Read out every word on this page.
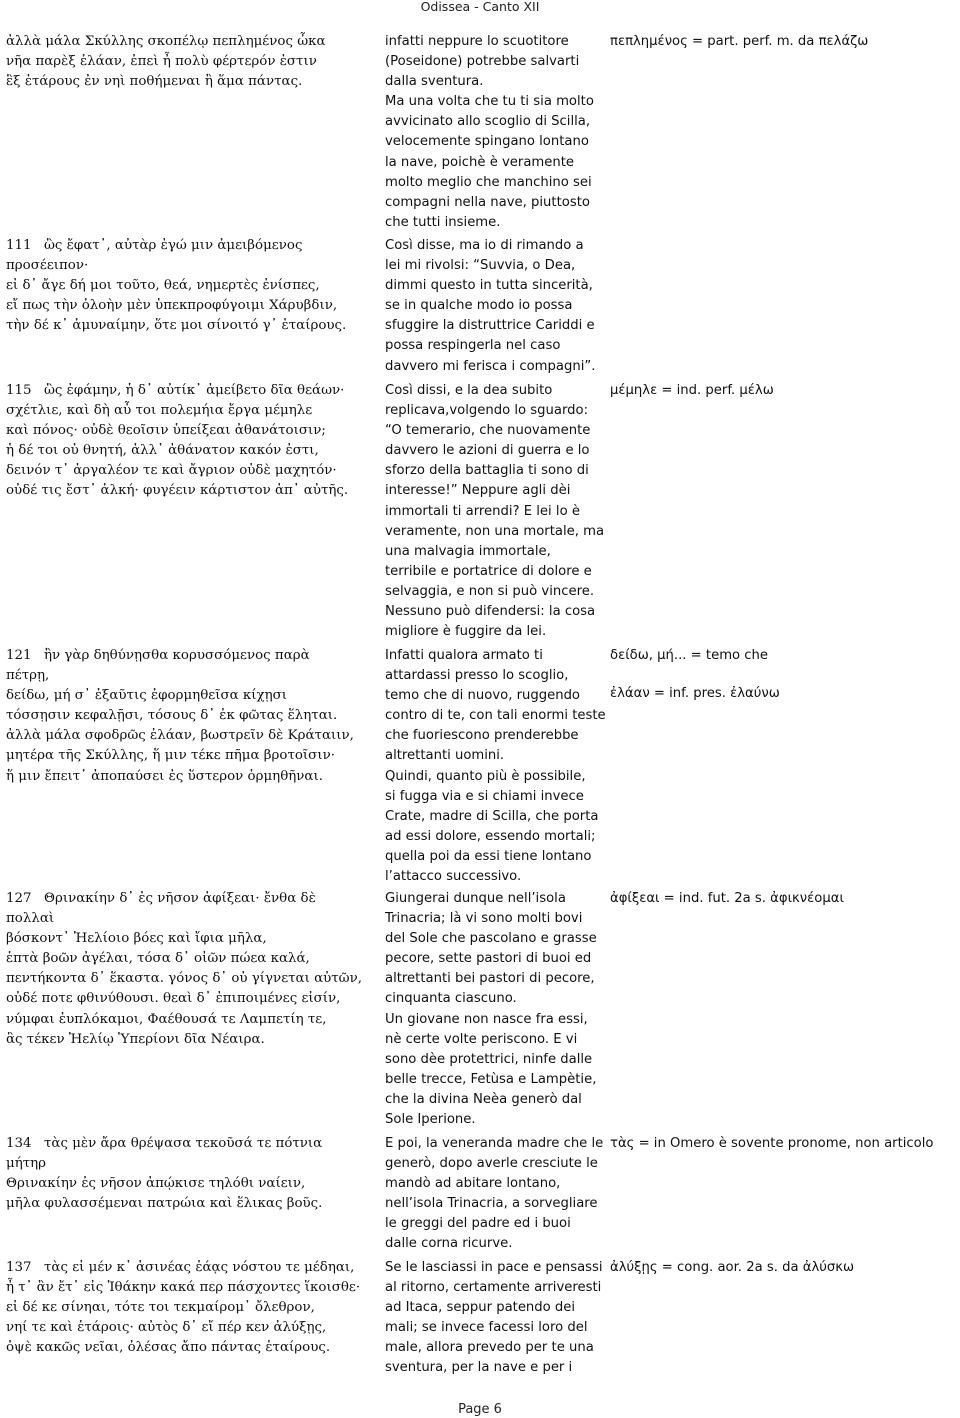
Odissea - Canto XII
ἀλλὰ μάλα Σκύλλης σκοπέλῳ πεπλημένος ὦκα
νῆα παρὲξ ἐλάαν, ἐπεὶ ἦ πολὺ φέρτερόν ἐστιν
ἓξ ἑτάρους ἐν νηὶ ποθήμεναι ἢ ἅμα πάντας.
infatti neppure lo scuotitore
(Poseidone) potrebbe salvarti
dalla sventura.
Ma una volta che tu ti sia molto
avvicinato allo scoglio di Scilla,
velocemente spingano lontano
la nave, poichè è veramente
molto meglio che manchino sei
compagni nella nave, piuttosto
che tutti insieme.
πεπλημένος = part. perf. m. da πελάζω
111 ὣς ἔφατ᾽, αὐτὰρ ἐγώ μιν ἀμειβόμενος
προσέειπον·
εἰ δ᾽ ἄγε δή μοι τοῦτο, θεά, νημερτὲς ἐνίσπες,
εἴ πως τὴν ὀλοὴν μὲν ὑπεκπροφύγοιμι Χάρυβδιν,
τὴν δέ κ᾽ ἀμυναίμην, ὅτε μοι σίνοιτό γ᾽ ἑταίρους.
Così disse, ma io di rimando a
lei mi rivolsi: “Suvvia, o Dea,
dimmi questo in tutta sincerità,
se in qualche modo io possa
sfuggire la distruttrice Cariddi e
possa respingerla nel caso
davvero mi ferisca i compagni”.
115 ὣς ἐφάμην, ἡ δ᾽ αὐτίκ᾽ ἀμείβετο δῖα θεάων·
σχέτλιε, καὶ δὴ αὖ τοι πολεμήια ἔργα μέμηλε
καὶ πόνος· οὐδὲ θεοῖσιν ὑπείξεαι ἀθανάτοισιν;
ἡ δέ τοι οὐ θνητή, ἀλλ᾽ ἀθάνατον κακόν ἐστι,
δεινόν τ᾽ ἀργαλέον τε καὶ ἄγριον οὐδὲ μαχητόν·
οὐδέ τις ἔστ᾽ ἀλκή· φυγέειν κάρτιστον ἀπ᾽ αὐτῆς.
Così dissi, e la dea subito
replicava,volgendo lo sguardo:
“O temerario, che nuovamente
davvero le azioni di guerra e lo
sforzo della battaglia ti sono di
interesse!” Neppure agli dèi
immortali ti arrendi? E lei lo è
veramente, non una mortale, ma
una malvagia immortale,
terribile e portatrice di dolore e
selvaggia, e non si può vincere.
Nessuno può difendersi: la cosa
migliore è fuggire da lei.
μέμηλε = ind. perf. μέλω
121 ἢν γὰρ δηθύνῃσθα κορυσσόμενος παρὰ
πέτρῃ,
δείδω, μή σ᾽ ἐξαῦτις ἐφορμηθεῖσα κίχῃσι
τόσσῃσιν κεφαλῇσι, τόσους δ᾽ ἐκ φῶτας ἕληται.
ἀλλὰ μάλα σφοδρῶς ἐλάαν, βωστρεῖν δὲ Κράταιιν,
μητέρα τῆς Σκύλλης, ἥ μιν τέκε πῆμα βροτοῖσιν·
ἥ μιν ἔπειτ᾽ ἀποπαύσει ἐς ὕστερον ὁρμηθῆναι.
Infatti qualora armato ti
attardassi presso lo scoglio,
temo che di nuovo, ruggendo
contro di te, con tali enormi teste
che fuoriescono prenderebbe
altrettanti uomini.
Quindi, quanto più è possibile,
si fugga via e si chiami invece
Crate, madre di Scilla, che porta
ad essi dolore, essendo mortali;
quella poi da essi tiene lontano
l’attacco successivo.
δείδω, μή... = temo che
ἐλάαν = inf. pres. ἐλαύνω
127 Θρινακίην δ᾽ ἐς νῆσον ἀφίξεαι· ἔνθα δὲ
πολλαὶ
βόσκοντ᾽ Ἠελίοιο βόες καὶ ἴφια μῆλα,
ἑπτὰ βοῶν ἀγέλαι, τόσα δ᾽ οἰῶν πώεα καλά,
πεντήκοντα δ᾽ ἕκαστα. γόνος δ᾽ οὐ γίγνεται αὐτῶν,
οὐδέ ποτε φθινύθουσι. θεαὶ δ᾽ ἐπιποιμένες εἰσίν,
νύμφαι ἐυπλόκαμοι, Φαέθουσά τε Λαμπετίη τε,
ἃς τέκεν Ἠελίῳ Ὑπερίονι δῖα Νέαιρα.
Giungerai dunque nell’isola
Trinacria; là vi sono molti bovi
del Sole che pascolano e grasse
pecore, sette pastori di buoi ed
altrettanti bei pastori di pecore,
cinquanta ciascuno.
Un giovane non nasce fra essi,
nè certe volte periscono. E vi
sono dèe protettrici, ninfe dalle
belle trecce, Fetùsa e Lampètie,
che la divina Neèa generò dal
Sole Iperione.
ἀφίξεαι = ind. fut. 2a s. ἀφικνέομαι
134 τὰς μὲν ἄρα θρέψασα τεκοῦσά τε πότνια
μήτηρ
Θρινακίην ἐς νῆσον ἀπῴκισε τηλόθι ναίειν,
μῆλα φυλασσέμεναι πατρώια καὶ ἕλικας βοῦς.
E poi, la veneranda madre che le
generò, dopo averle cresciute le
mandò ad abitare lontano,
nell’isola Trinacria, a sorvegliare
le greggi del padre ed i buoi
dalle corna ricurve.
τὰς = in Omero è sovente pronome, non articolo
137 τὰς εἰ μέν κ᾽ ἀσινέας ἐάᾳς νόστου τε μέδηαι,
ἦ τ᾽ ἂν ἔτ᾽ εἰς Ἰθάκην κακά περ πάσχοντες ἵκοισθε·
εἰ δέ κε σίνηαι, τότε τοι τεκμαίρομ᾽ ὄλεθρον,
νηί τε καὶ ἑτάροις· αὐτὸς δ᾽ εἴ πέρ κεν ἀλύξῃς,
ὀψὲ κακῶς νεῖαι, ὀλέσας ἄπο πάντας ἑταίρους.
Se le lasciassi in pace e pensassi
al ritorno, certamente arriveresti
ad Itaca, seppur patendo dei
mali; se invece facessi loro del
male, allora prevedo per te una
sventura, per la nave e per i
ἀλύξῃς = cong. aor. 2a s. da ἀλύσκω
Page 6
